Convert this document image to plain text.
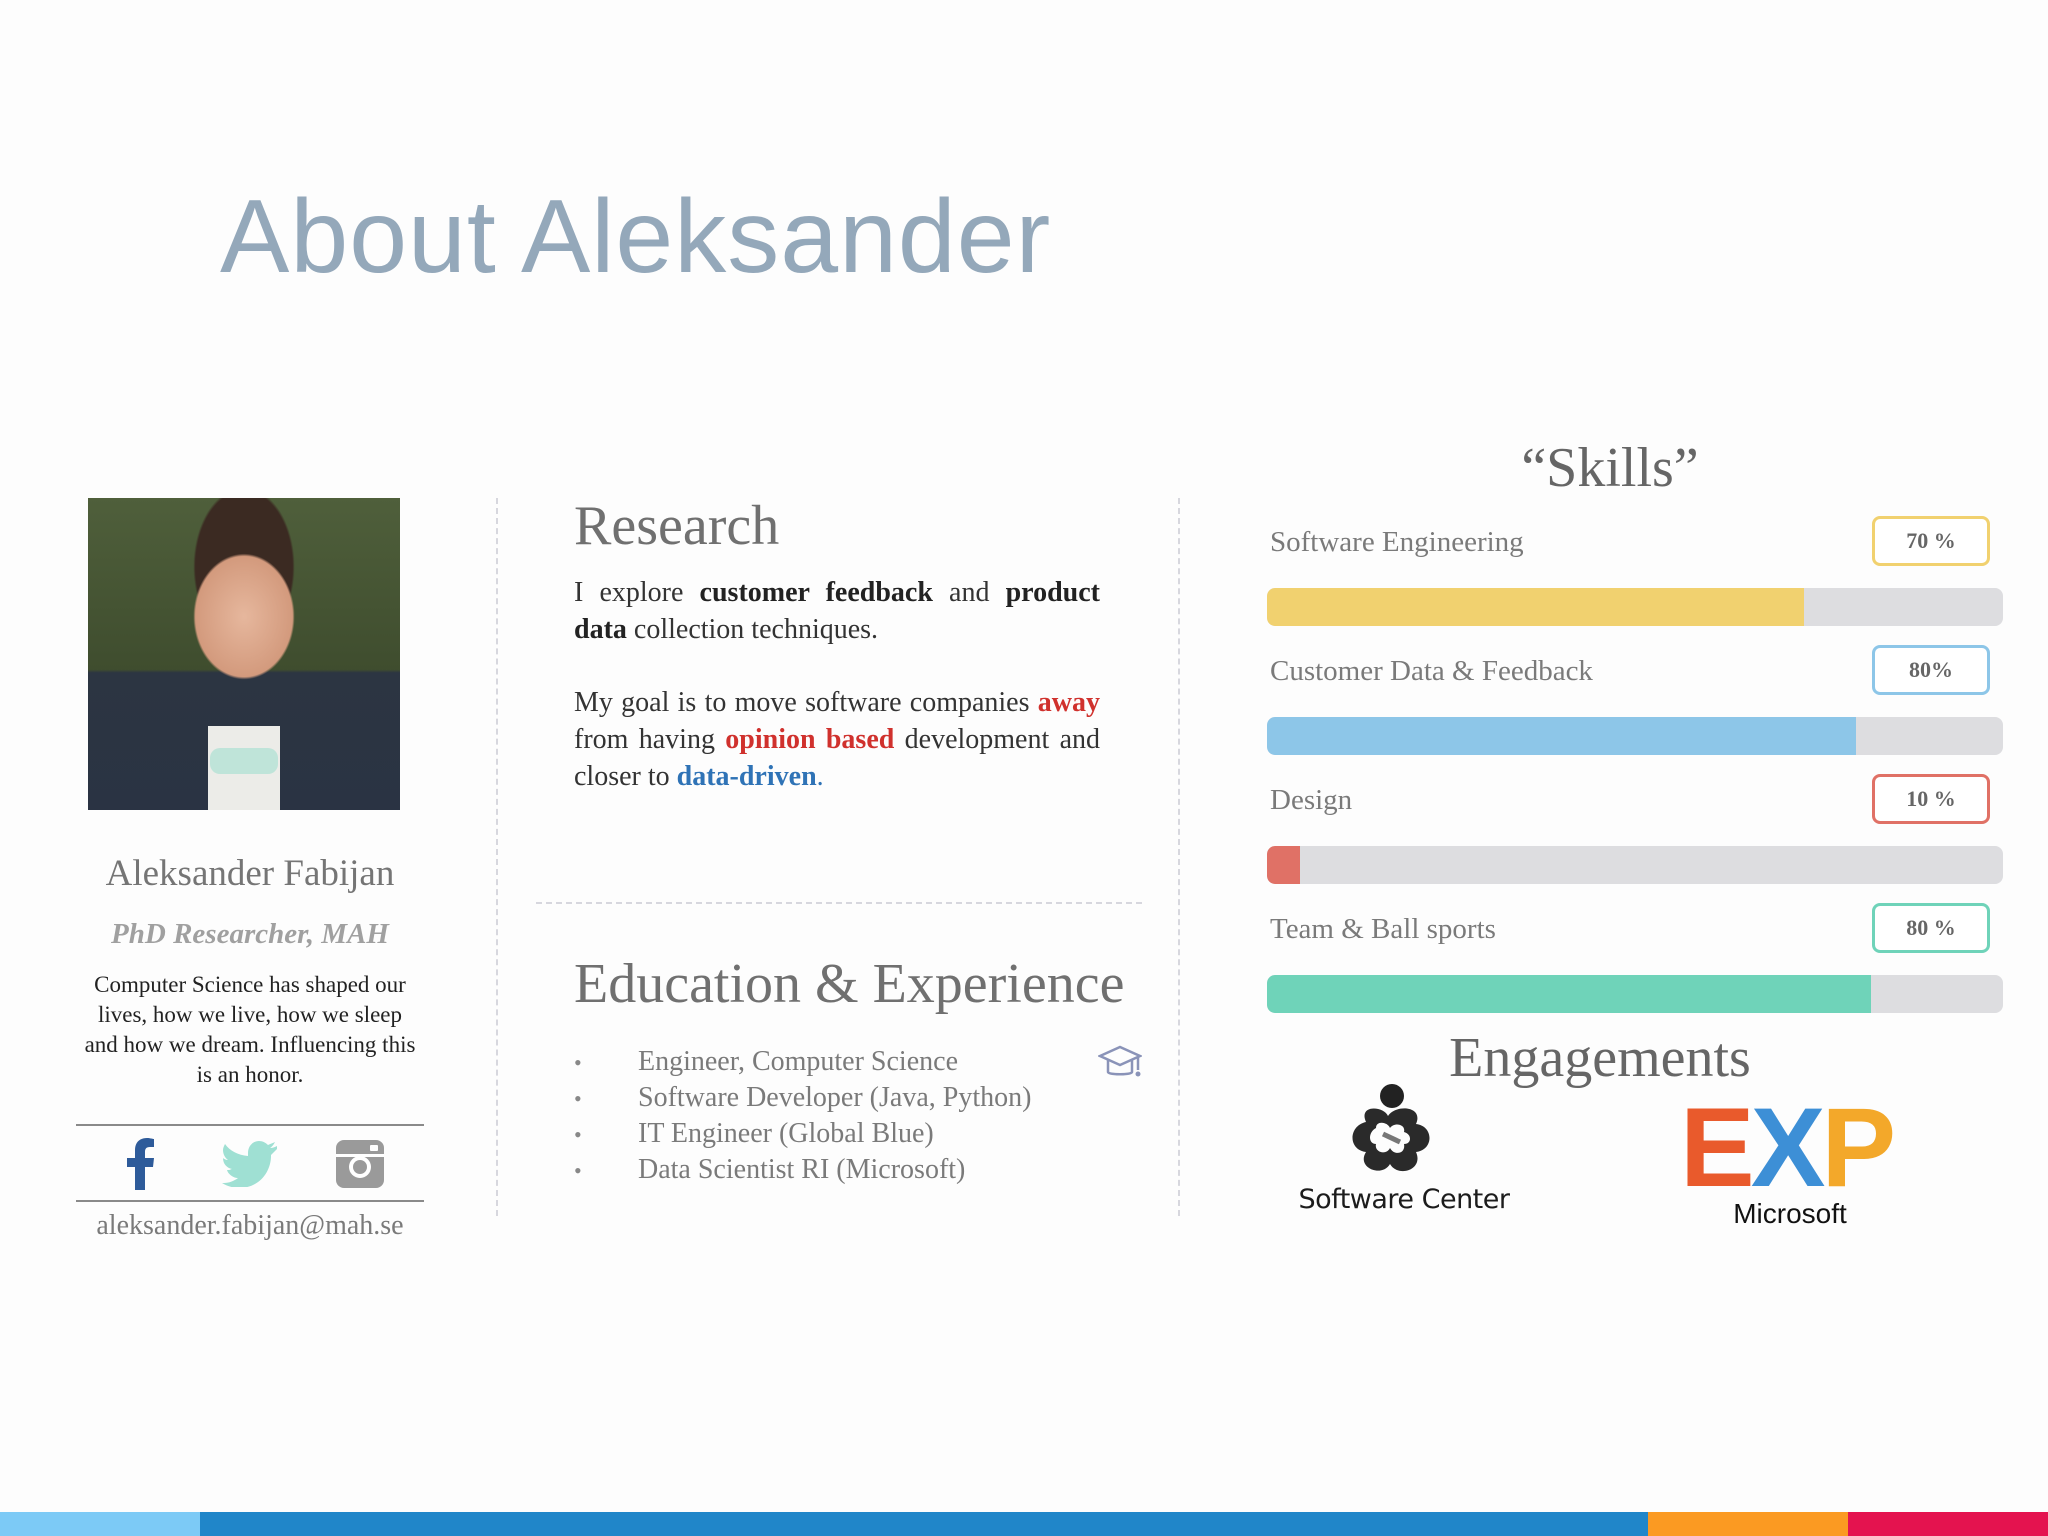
About Aleksander
Aleksander Fabijan
PhD Researcher, MAH
Computer Science has shaped our lives, how we live, how we sleep and how we dream. Influencing this is an honor.
aleksander.fabijan@mah.se
Research
I explore customer feedback and product data collection techniques.
My goal is to move software companies away from having opinion based development and closer to data-driven.
Education & Experience
• Engineer, Computer Science
• Software Developer (Java, Python)
• IT Engineer (Global Blue)
• Data Scientist RI (Microsoft)
“Skills”
Software Engineering	70 %
Customer Data & Feedback	80%
Design	10 %
Team & Ball sports	80 %
Engagements
Software Center EXP
Microsoft
